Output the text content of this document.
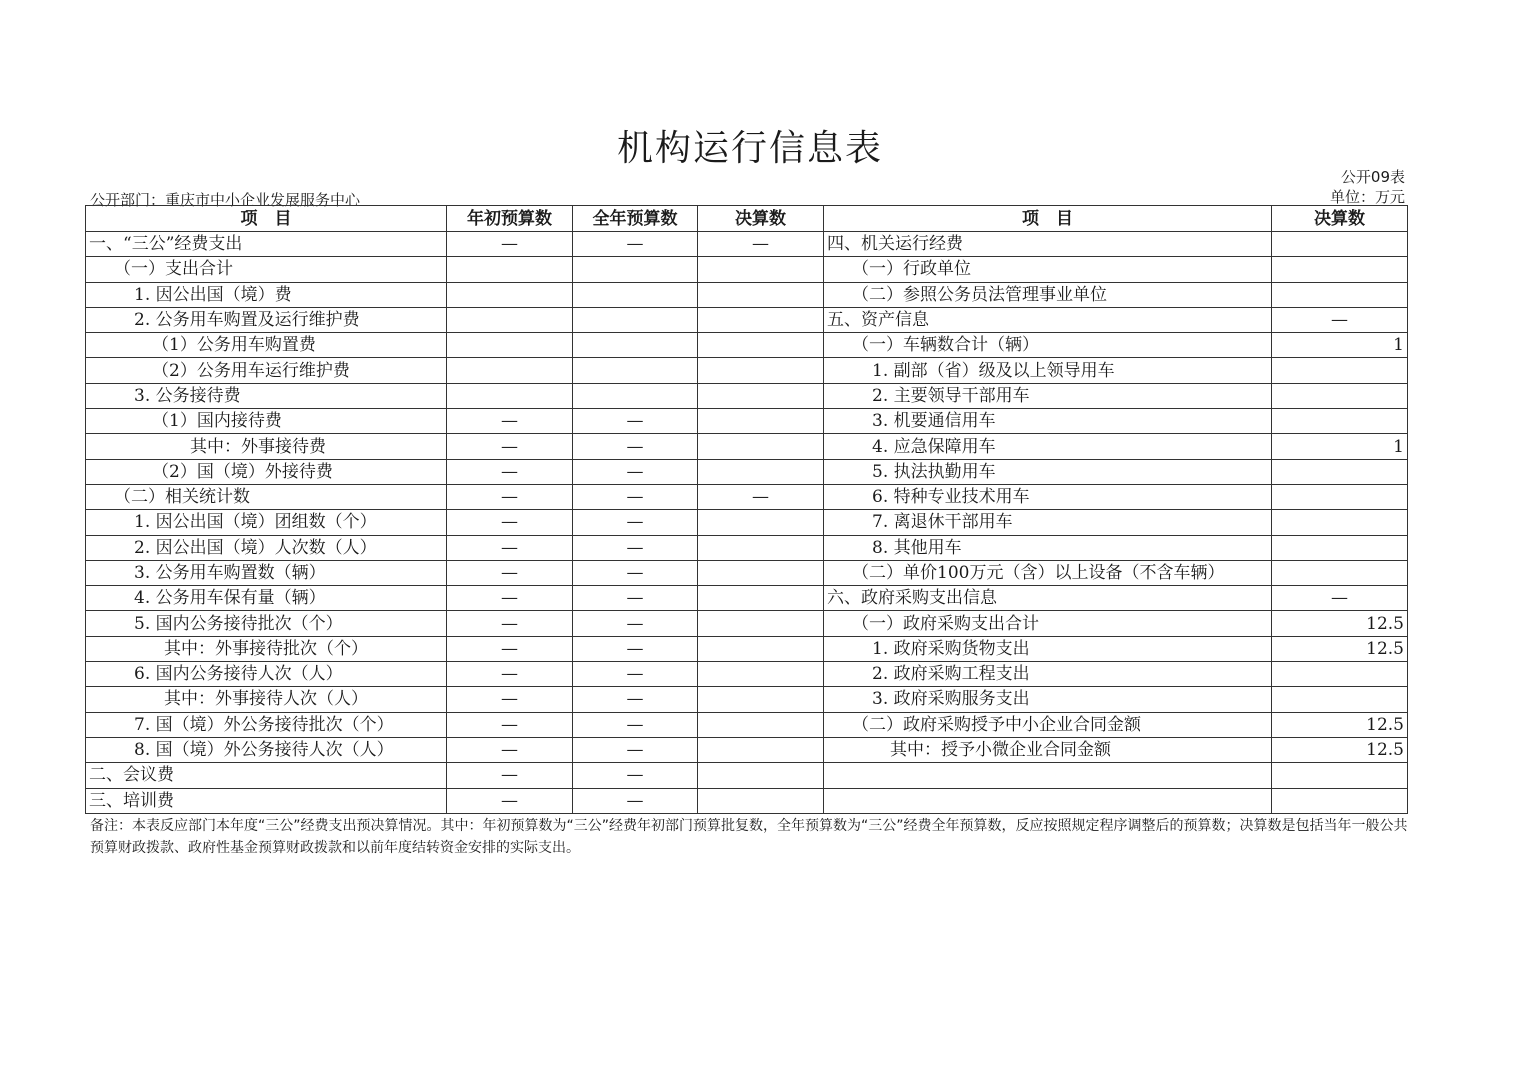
机构运行信息表
公开09表
公开部门：重庆市中小企业发展服务中心	单位：万元
项　目	年初预算数	全年预算数	决算数	项　目	决算数
一、“三公”经费支出	—	—	—	四、机关运行经费	
（一）支出合计				（一）行政单位	
1. 因公出国（境）费				（二）参照公务员法管理事业单位	
2. 公务用车购置及运行维护费				五、资产信息	—
（1）公务用车购置费				（一）车辆数合计（辆）	1
（2）公务用车运行维护费				1. 副部（省）级及以上领导用车	
3. 公务接待费				2. 主要领导干部用车	
（1）国内接待费	—	—		3. 机要通信用车	
其中：外事接待费	—	—		4. 应急保障用车	1
（2）国（境）外接待费	—	—		5. 执法执勤用车	
（二）相关统计数	—	—	—	6. 特种专业技术用车	
1. 因公出国（境）团组数（个）	—	—		7. 离退休干部用车	
2. 因公出国（境）人次数（人）	—	—		8. 其他用车	
3. 公务用车购置数（辆）	—	—		（二）单价100万元（含）以上设备（不含车辆）	
4. 公务用车保有量（辆）	—	—		六、政府采购支出信息	—
5. 国内公务接待批次（个）	—	—		（一）政府采购支出合计	12.5
其中：外事接待批次（个）	—	—		1. 政府采购货物支出	12.5
6. 国内公务接待人次（人）	—	—		2. 政府采购工程支出	
其中：外事接待人次（人）	—	—		3. 政府采购服务支出	
7. 国（境）外公务接待批次（个）	—	—		（二）政府采购授予中小企业合同金额	12.5
8. 国（境）外公务接待人次（人）	—	—		其中：授予小微企业合同金额	12.5
二、会议费	—	—			
三、培训费	—	—			
备注：本表反应部门本年度“三公”经费支出预决算情况。其中：年初预算数为“三公”经费年初部门预算批复数，全年预算数为“三公”经费全年预算数，反应按照规定程序调整后的预算数；决算数是包括当年一般公共预算财政拨款、政府性基金预算财政拨款和以前年度结转资金安排的实际支出。
